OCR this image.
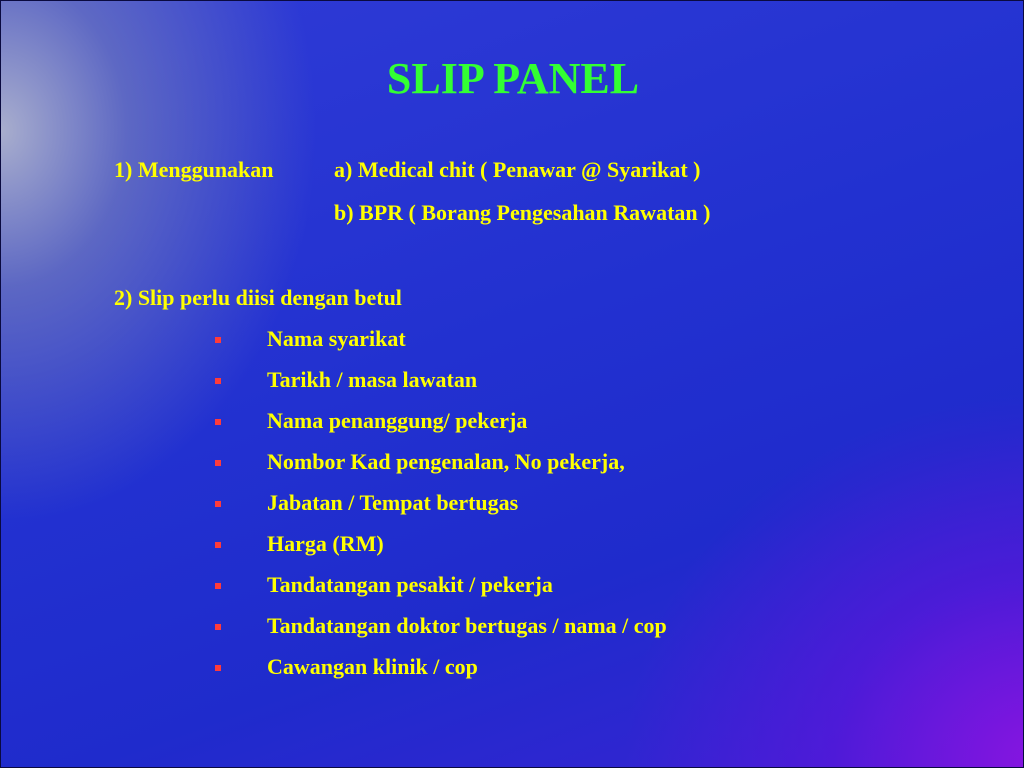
SLIP PANEL
1) Menggunakan	a) Medical chit ( Penawar @ Syarikat )
b) BPR ( Borang Pengesahan Rawatan )
2) Slip perlu diisi dengan betul
Nama syarikat
Tarikh / masa lawatan
Nama penanggung/ pekerja
Nombor Kad pengenalan, No pekerja,
Jabatan / Tempat bertugas
Harga (RM)
Tandatangan pesakit / pekerja
Tandatangan doktor bertugas / nama / cop
Cawangan klinik / cop
